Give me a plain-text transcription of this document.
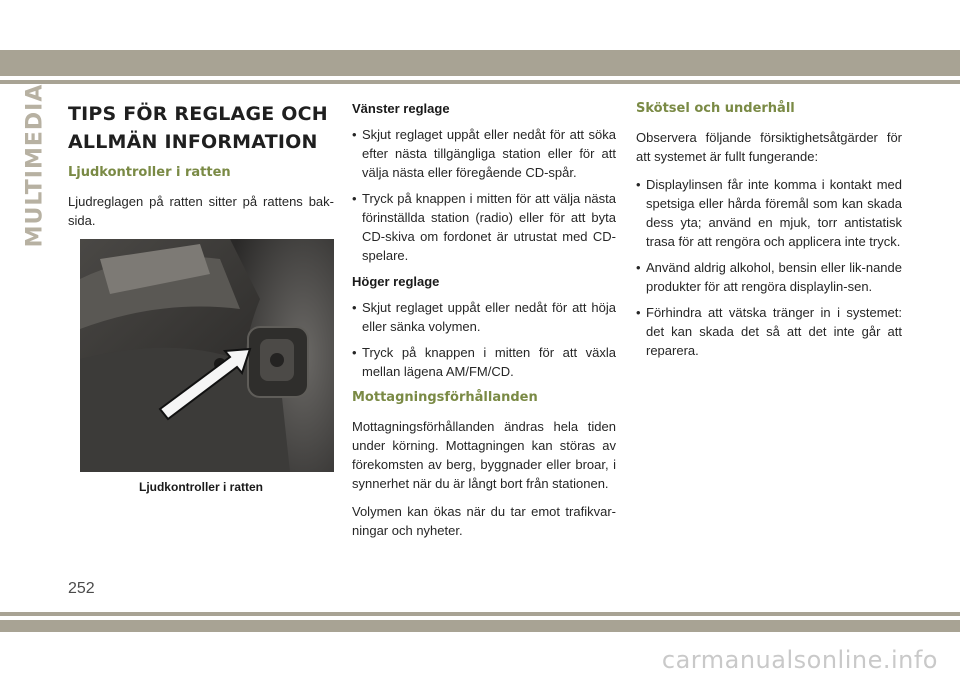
MULTIMEDIA TIPS FÖR REGLAGE OCH ALLMÄN INFORMATION
Ljudkontroller i ratten

Ljudreglagen på ratten sitter på rattens bak-sida.

Ljudkontroller i ratten
Vänster reglage
• Skjut reglaget uppåt eller nedåt för att söka efter nästa tillgängliga station eller för att välja nästa eller föregående CD-spår.
• Tryck på knappen i mitten för att välja nästa förinställda station (radio) eller för att byta CD-skiva om fordonet är utrustat med CD-spelare.
Höger reglage
• Skjut reglaget uppåt eller nedåt för att höja eller sänka volymen.
• Tryck på knappen i mitten för att växla mellan lägena AM/FM/CD.
Mottagningsförhållanden

Mottagningsförhållanden ändras hela tiden under körning. Mottagningen kan störas av förekomsten av berg, byggnader eller broar, i synnerhet när du är långt bort från stationen.

Volymen kan ökas när du tar emot trafikvar-ningar och nyheter.

Skötsel och underhåll

Observera följande försiktighetsåtgärder för att systemet är fullt fungerande:

• Displaylinsen får inte komma i kontakt med spetsiga eller hårda föremål som kan skada dess yta; använd en mjuk, torr antistatisk trasa för att rengöra och applicera inte tryck.
• Använd aldrig alkohol, bensin eller lik-nande produkter för att rengöra displaylin-sen.
• Förhindra att vätska tränger in i systemet: det kan skada det så att det inte går att reparera.
252
carmanualsonline.info
